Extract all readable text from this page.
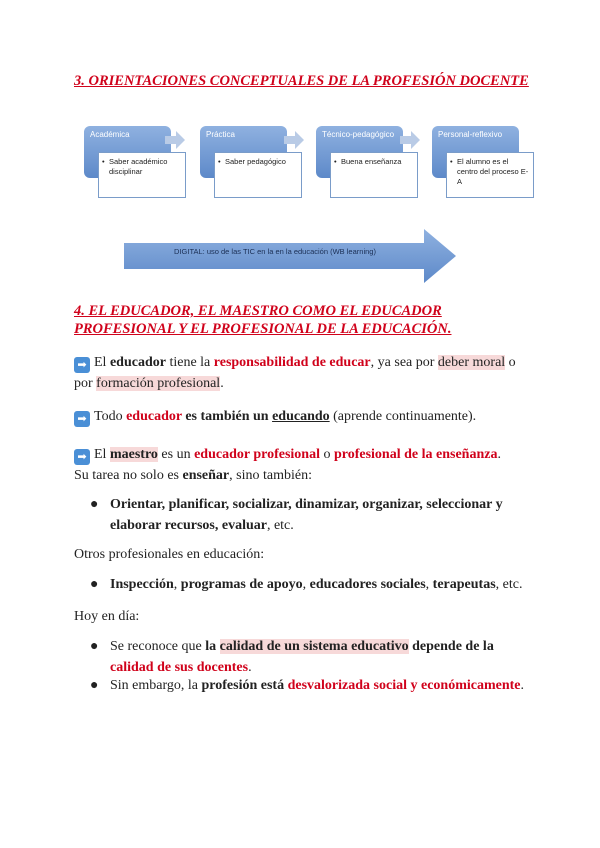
3. ORIENTACIONES CONCEPTUALES DE LA PROFESIÓN DOCENTE
Académica
• Saber académico disciplinar
Práctica
• Saber pedagógico
Técnico-pedagógico
• Buena enseñanza
Personal-reflexivo
• El alumno es el centro del proceso E-A
DIGITAL: uso de las TIC en la en la educación (WB learning)
4. EL EDUCADOR, EL MAESTRO COMO EL EDUCADOR PROFESIONAL Y EL PROFESIONAL DE LA EDUCACIÓN.
➡ El educador tiene la responsabilidad de educar, ya sea por deber moral o por formación profesional.
➡ Todo educador es también un educando (aprende continuamente).
➡ El maestro es un educador profesional o profesional de la enseñanza.
Su tarea no solo es enseñar, sino también:
● Orientar, planificar, socializar, dinamizar, organizar, seleccionar y elaborar recursos, evaluar, etc.
Otros profesionales en educación:
● Inspección, programas de apoyo, educadores sociales, terapeutas, etc.
Hoy en día:
● Se reconoce que la calidad de un sistema educativo depende de la calidad de sus docentes.
● Sin embargo, la profesión está desvalorizada social y económicamente.
